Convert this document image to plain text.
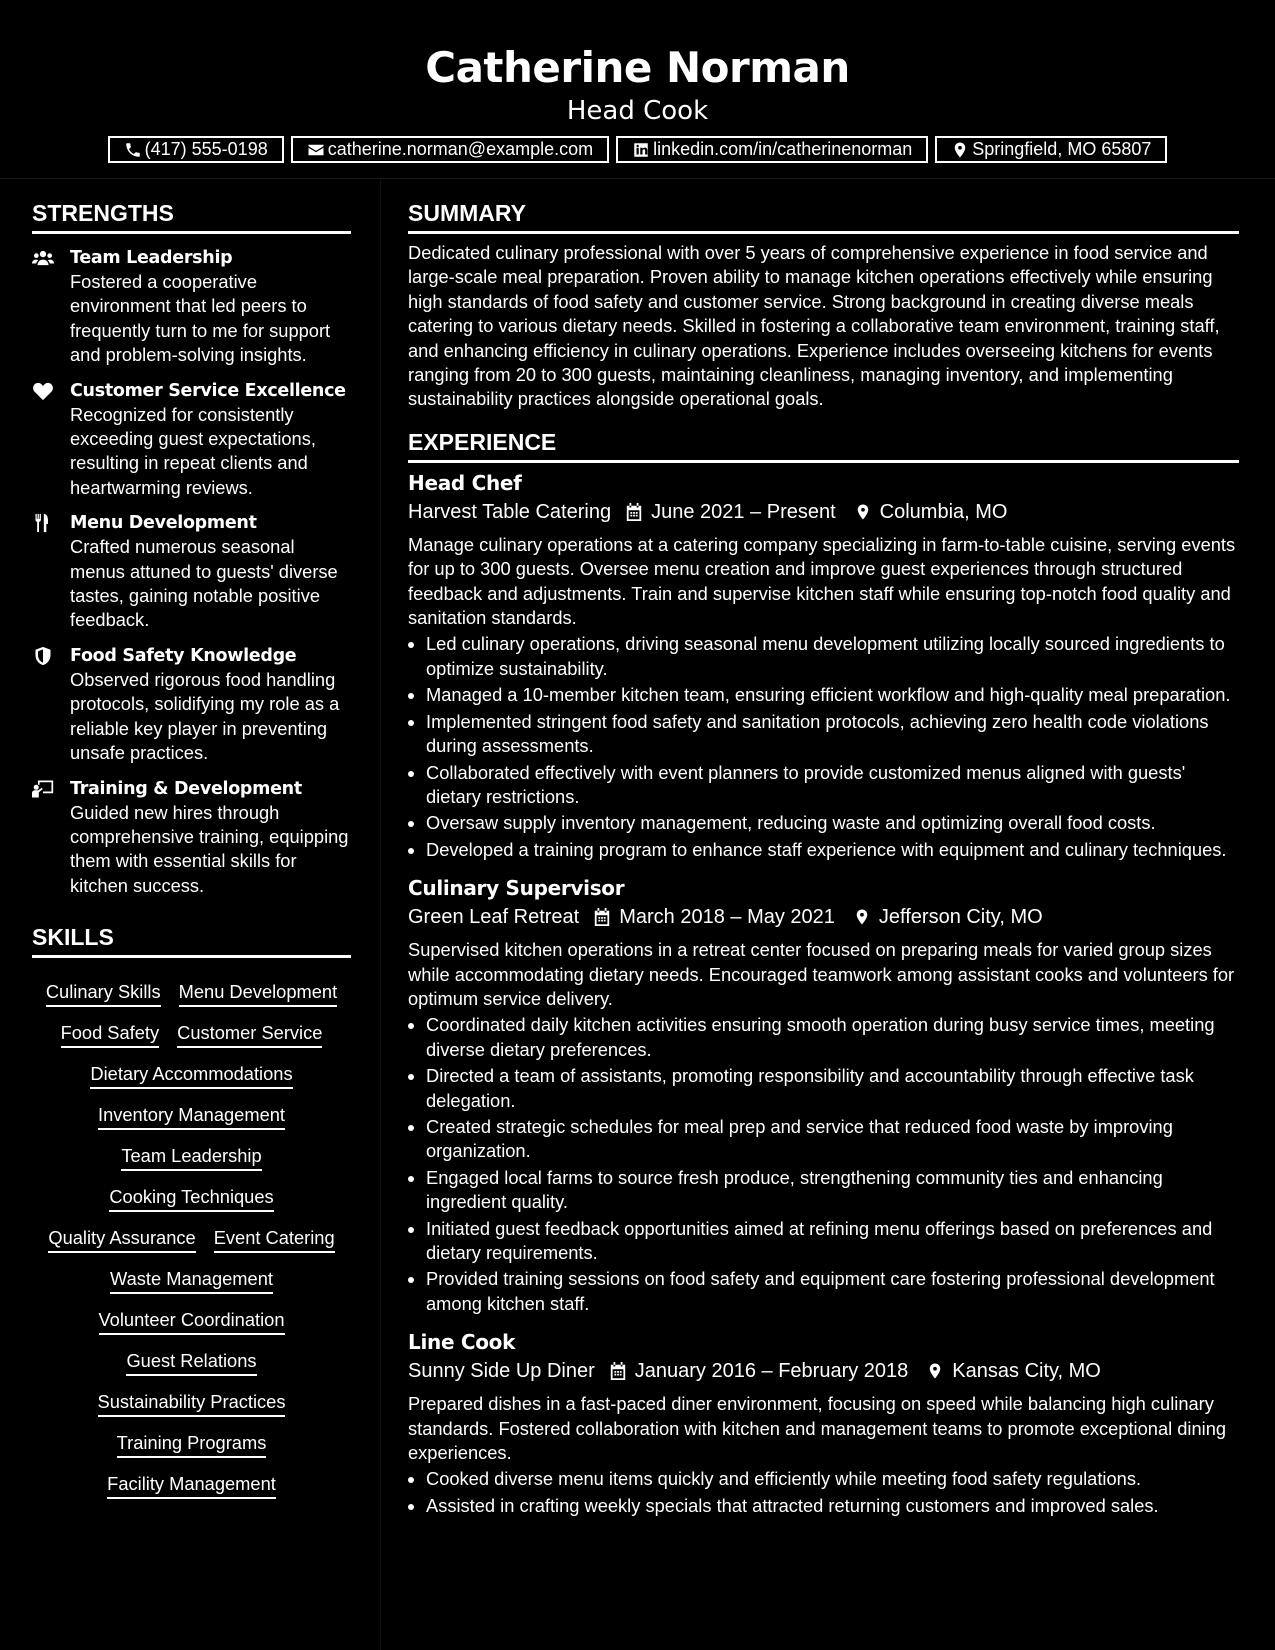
Catherine Norman
Head Cook
(417) 555-0198	catherine.norman@example.com	linkedin.com/in/catherinenorman	Springfield, MO 65807
STRENGTHS
Team Leadership
Fostered a cooperative environment that led peers to frequently turn to me for support and problem-solving insights.
Customer Service Excellence
Recognized for consistently exceeding guest expectations, resulting in repeat clients and heartwarming reviews.
Menu Development
Crafted numerous seasonal menus attuned to guests' diverse tastes, gaining notable positive feedback.
Food Safety Knowledge
Observed rigorous food handling protocols, solidifying my role as a reliable key player in preventing unsafe practices.
Training & Development
Guided new hires through comprehensive training, equipping them with essential skills for kitchen success.
SKILLS
Culinary Skills Menu Development
Food Safety Customer Service
Dietary Accommodations
Inventory Management
Team Leadership
Cooking Techniques
Quality Assurance Event Catering
Waste Management
Volunteer Coordination
Guest Relations
Sustainability Practices
Training Programs
Facility Management
SUMMARY
Dedicated culinary professional with over 5 years of comprehensive experience in food service and large-scale meal preparation. Proven ability to manage kitchen operations effectively while ensuring high standards of food safety and customer service. Strong background in creating diverse meals catering to various dietary needs. Skilled in fostering a collaborative team environment, training staff, and enhancing efficiency in culinary operations. Experience includes overseeing kitchens for events ranging from 20 to 300 guests, maintaining cleanliness, managing inventory, and implementing sustainability practices alongside operational goals.
EXPERIENCE
Head Chef
Harvest Table Catering June 2021 – Present Columbia, MO
Manage culinary operations at a catering company specializing in farm-to-table cuisine, serving events for up to 300 guests. Oversee menu creation and improve guest experiences through structured feedback and adjustments. Train and supervise kitchen staff while ensuring top-notch food quality and sanitation standards.
• Led culinary operations, driving seasonal menu development utilizing locally sourced ingredients to optimize sustainability.
• Managed a 10-member kitchen team, ensuring efficient workflow and high-quality meal preparation.
• Implemented stringent food safety and sanitation protocols, achieving zero health code violations during assessments.
• Collaborated effectively with event planners to provide customized menus aligned with guests' dietary restrictions.
• Oversaw supply inventory management, reducing waste and optimizing overall food costs.
• Developed a training program to enhance staff experience with equipment and culinary techniques.
Culinary Supervisor
Green Leaf Retreat March 2018 – May 2021 Jefferson City, MO
Supervised kitchen operations in a retreat center focused on preparing meals for varied group sizes while accommodating dietary needs. Encouraged teamwork among assistant cooks and volunteers for optimum service delivery.
• Coordinated daily kitchen activities ensuring smooth operation during busy service times, meeting diverse dietary preferences.
• Directed a team of assistants, promoting responsibility and accountability through effective task delegation.
• Created strategic schedules for meal prep and service that reduced food waste by improving organization.
• Engaged local farms to source fresh produce, strengthening community ties and enhancing ingredient quality.
• Initiated guest feedback opportunities aimed at refining menu offerings based on preferences and dietary requirements.
• Provided training sessions on food safety and equipment care fostering professional development among kitchen staff.
Line Cook
Sunny Side Up Diner January 2016 – February 2018 Kansas City, MO
Prepared dishes in a fast-paced diner environment, focusing on speed while balancing high culinary standards. Fostered collaboration with kitchen and management teams to promote exceptional dining experiences.
• Cooked diverse menu items quickly and efficiently while meeting food safety regulations.
• Assisted in crafting weekly specials that attracted returning customers and improved sales.
